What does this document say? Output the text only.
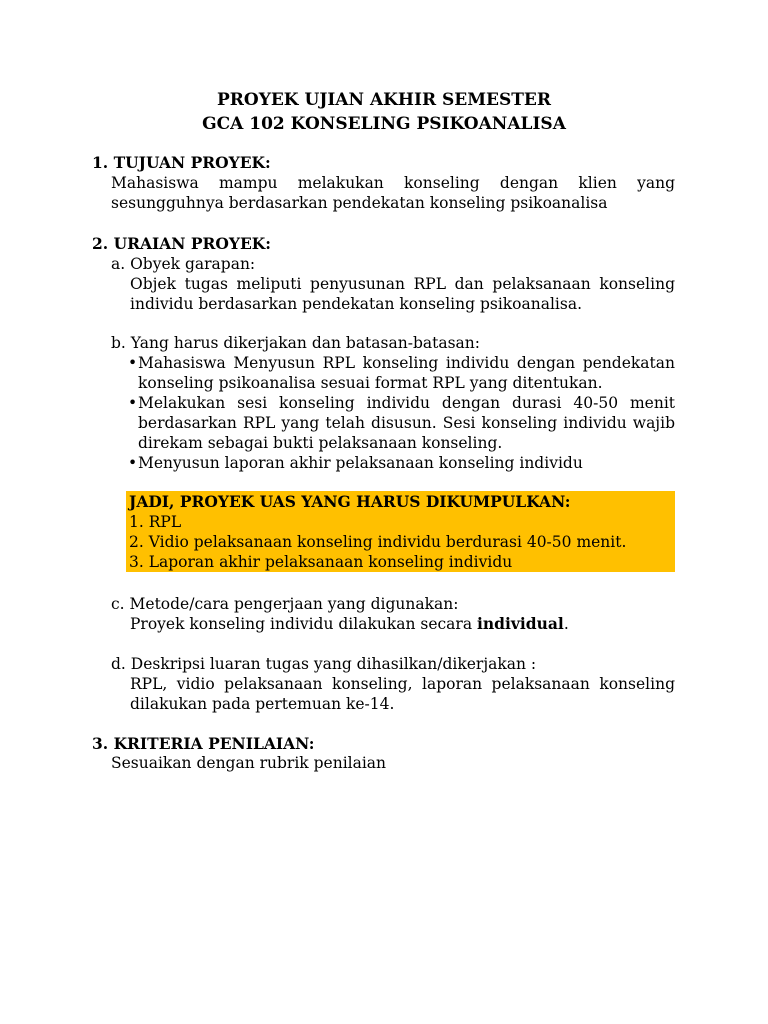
PROYEK UJIAN AKHIR SEMESTER
GCA 102 KONSELING PSIKOANALISA
1. TUJUAN PROYEK:
Mahasiswa mampu melakukan konseling dengan klien yang sesungguhnya berdasarkan pendekatan konseling psikoanalisa
2. URAIAN PROYEK:
a. Obyek garapan:
Objek tugas meliputi penyusunan RPL dan pelaksanaan konseling individu berdasarkan pendekatan konseling psikoanalisa.
b. Yang harus dikerjakan dan batasan-batasan:
• Mahasiswa Menyusun RPL konseling individu dengan pendekatan konseling psikoanalisa sesuai format RPL yang ditentukan.
• Melakukan sesi konseling individu dengan durasi 40-50 menit berdasarkan RPL yang telah disusun. Sesi konseling individu wajib direkam sebagai bukti pelaksanaan konseling.
• Menyusun laporan akhir pelaksanaan konseling individu
JADI, PROYEK UAS YANG HARUS DIKUMPULKAN:
1. RPL
2. Vidio pelaksanaan konseling individu berdurasi 40-50 menit.
3. Laporan akhir pelaksanaan konseling individu
c. Metode/cara pengerjaan yang digunakan:
Proyek konseling individu dilakukan secara individual.
d. Deskripsi luaran tugas yang dihasilkan/dikerjakan :
RPL, vidio pelaksanaan konseling, laporan pelaksanaan konseling dilakukan pada pertemuan ke-14.
3. KRITERIA PENILAIAN:
Sesuaikan dengan rubrik penilaian
